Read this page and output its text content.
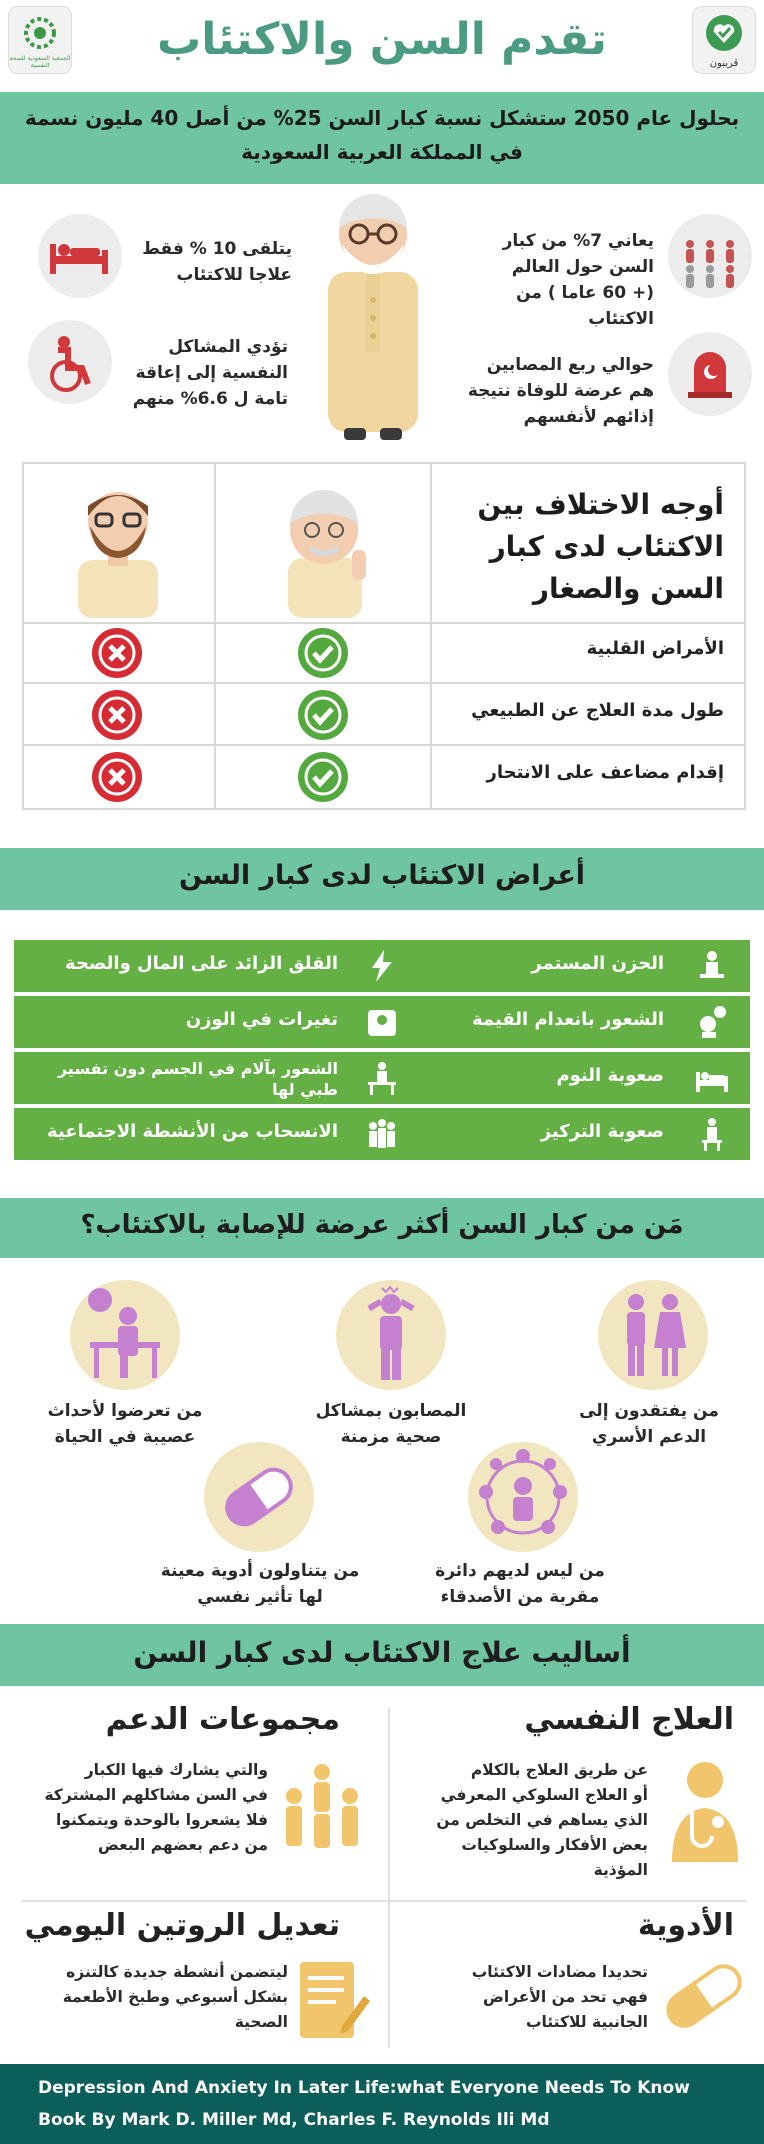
قريبون
الجمعية السعودية للصحة النفسية
تقدم السن والاكتئاب
بحلول عام 2050 ستشكل نسبة كبار السن 25% من أصل 40 مليون نسمة
في المملكة العربية السعودية
يعاني 7% من كبار
السن حول العالم
(+ 60 عاما ) من الاكتئاب
حوالي ربع المصابين
هم عرضة للوفاة نتيجة
إذائهم لأنفسهم
يتلقى 10 % فقط
علاجا للاكتئاب
تؤدي المشاكل
النفسية إلى إعاقة
تامة ل 6.6% منهم
أوجه الاختلاف بين
الاكتئاب لدى كبار
السن والصغار
الأمراض القلبية
طول مدة العلاج عن الطبيعي
إقدام مضاعف على الانتحار
أعراض الاكتئاب لدى كبار السن
الحزن المستمر
القلق الزائد على المال والصحة
الشعور بانعدام القيمة
تغيرات في الوزن
صعوبة النوم
الشعور بآلام في الجسم دون تفسير طبي لها
صعوبة التركيز
الانسحاب من الأنشطة الاجتماعية
مَن من كبار السن أكثر عرضة للإصابة بالاكتئاب؟
من يفتقدون إلى
الدعم الأسري
المصابون بمشاكل
صحية مزمنة
من تعرضوا لأحداث
عصيبة في الحياة
من ليس لديهم دائرة
مقربة من الأصدقاء
من يتناولون أدوية معينة
لها تأثير نفسي
أساليب علاج الاكتئاب لدى كبار السن
العلاج النفسي
عن طريق العلاج بالكلام
أو العلاج السلوكي المعرفي
الذي يساهم في التخلص من
بعض الأفكار والسلوكيات
المؤذية
مجموعات الدعم
والتي يشارك فيها الكبار
في السن مشاكلهم المشتركة
فلا يشعروا بالوحدة ويتمكنوا
من دعم بعضهم البعض
الأدوية
تحديدا مضادات الاكتئاب
فهي تحد من الأعراض
الجانبية للاكتئاب
تعديل الروتين اليومي
ليتضمن أنشطة جديدة كالتنزه
بشكل أسبوعي وطبخ الأطعمة
الصحية
Depression And Anxiety In Later Life:what Everyone Needs To Know
Book By Mark D. Miller Md, Charles F. Reynolds Ili Md
